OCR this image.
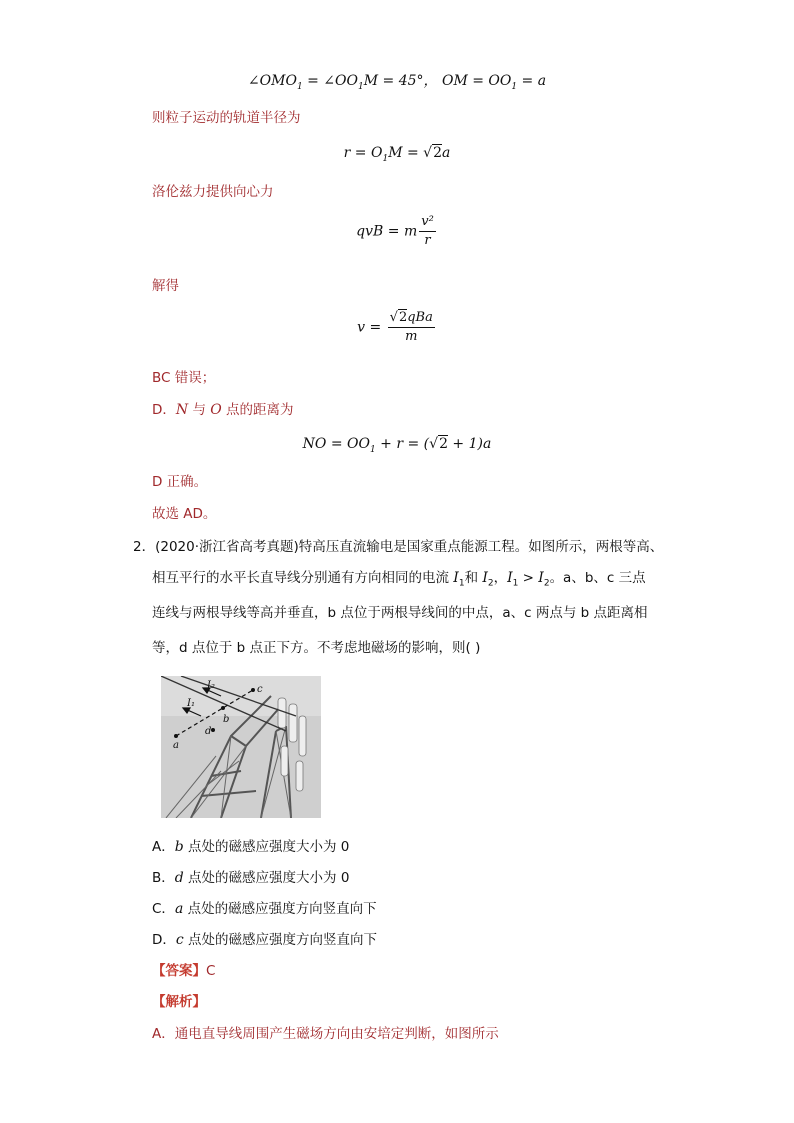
$\angle OMO_1$ = $\angle OO_1M = 45^\circ$， OM = $OO_1 = a$
则粒子运动的轨道半径为
$r = O_1M = √2a$
洛伦兹力提供向心力
qvB = m $\frac{\text{v²}}{r}$
解得
$v = \frac{\text{√2qBa}}{m}$
BC 错误；
D．N 与 O 点的距离为
NO = $OO_1 + r = (√2 + 1)a$
D 正确。
故选 AD。
2．(2020·浙江省高考真题)特高压直流输电是国家重点能源工程。如图所示，两根等高、
相互平行的水平长直导线分别通有方向相同的电流 $I_1$和 $I_2$，$I_1 > I_2$。a、b、c 三点
连线与两根导线等高并垂直，b 点位于两根导线间的中点，a、c 两点与 b 点距离相
等，d 点位于 b 点正下方。不考虑地磁场的影响，则( )
I₂
I₁
a
b
c
d
A．b 点处的磁感应强度大小为 0
B．d 点处的磁感应强度大小为 0
C．a 点处的磁感应强度方向竖直向下
D．c 点处的磁感应强度方向竖直向下
【答案】C
【解析】
A．通电直导线周围产生磁场方向由安培定判断，如图所示
